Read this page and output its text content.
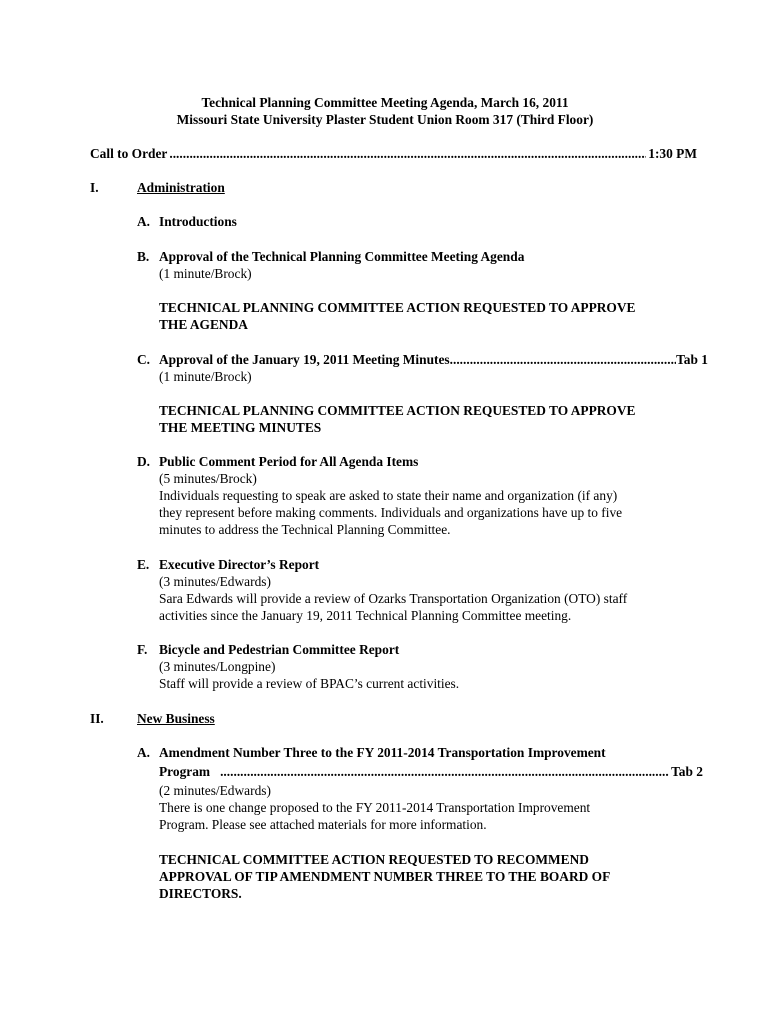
Technical Planning Committee Meeting Agenda, March 16, 2011
Missouri State University Plaster Student Union Room 317 (Third Floor)
Call to Order .....	1:30 PM
I.	Administration
A. Introductions
B. Approval of the Technical Planning Committee Meeting Agenda
(1 minute/Brock)
TECHNICAL PLANNING COMMITTEE ACTION REQUESTED TO APPROVE
THE AGENDA
C. Approval of the January 19, 2011 Meeting Minutes .....	Tab 1
(1 minute/Brock)
TECHNICAL PLANNING COMMITTEE ACTION REQUESTED TO APPROVE
THE MEETING MINUTES
D. Public Comment Period for All Agenda Items
(5 minutes/Brock)
Individuals requesting to speak are asked to state their name and organization (if any)
they represent before making comments. Individuals and organizations have up to five
minutes to address the Technical Planning Committee.
E. Executive Director’s Report
(3 minutes/Edwards)
Sara Edwards will provide a review of Ozarks Transportation Organization (OTO) staff
activities since the January 19, 2011 Technical Planning Committee meeting.
F. Bicycle and Pedestrian Committee Report
(3 minutes/Longpine)
Staff will provide a review of BPAC’s current activities.
II. New Business
A. Amendment Number Three to the FY 2011-2014 Transportation Improvement
Program .....	Tab 2
(2 minutes/Edwards)
There is one change proposed to the FY 2011-2014 Transportation Improvement
Program. Please see attached materials for more information.
TECHNICAL COMMITTEE ACTION REQUESTED TO RECOMMEND
APPROVAL OF TIP AMENDMENT NUMBER THREE TO THE BOARD OF
DIRECTORS.
